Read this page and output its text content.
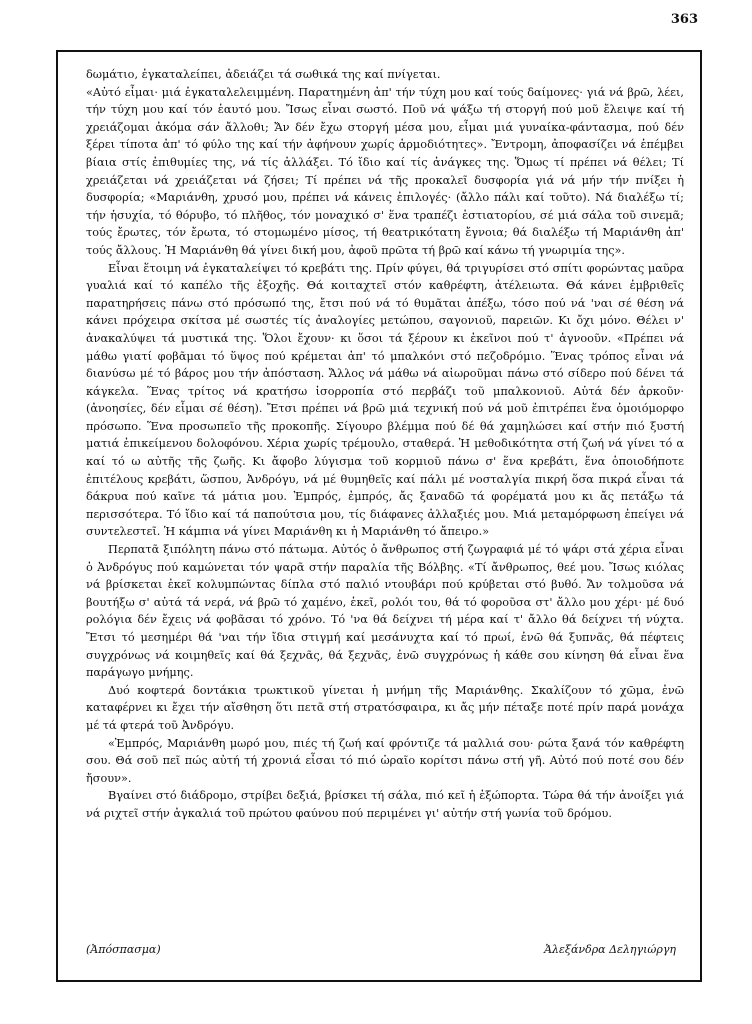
363

δωμάτιο, ἐγκαταλείπει, ἀδειάζει τά σωθικά της καί πνίγεται.

«Αὐτό εἶμαι· μιά ἐγκαταλελειμμένη. Παρατημένη ἀπ' τήν τύχη μου καί τούς δαίμονες· γιά νά βρῶ, λέει, τήν τύχη μου καί τόν ἑαυτό μου. Ἴσως εἶναι σωστό. Ποῦ νά ψάξω τή στοργή πού μοῦ ἔλειψε καί τή χρειάζομαι ἀκόμα σάν ἄλλοθι; Ἄν δέν ἔχω στοργή μέσα μου, εἶμαι μιά γυναίκα-φάντασμα, πού δέν ξέρει τίποτα ἀπ' τό φύλο της καί τήν ἀφήνουν χωρίς ἁρμοδιότητες». Ἔντρομη, ἀποφασίζει νά ἐπέμβει βίαια στίς ἐπιθυμίες της, νά τίς ἀλλάξει. Τό ἴδιο καί τίς ἀνάγκες της. Ὅμως τί πρέπει νά θέλει; Τί χρειάζεται νά χρειάζεται νά ζήσει; Τί πρέπει νά τῆς προκαλεῖ δυσφορία γιά νά μήν τήν πνίξει ἡ δυσφορία; «Μαριάνθη, χρυσό μου, πρέπει νά κάνεις ἐπιλογές· (ἄλλο πάλι καί τοῦτο). Νά διαλέξω τί; τήν ἡσυχία, τό θόρυβο, τό πλῆθος, τόν μοναχικό σ' ἕνα τραπέζι ἑστιατορίου, σέ μιά σάλα τοῦ σινεμᾶ; τούς ἔρωτες, τόν ἔρωτα, τό στομωμένο μίσος, τή θεατρικότατη ἔγνοια; θά διαλέξω τή Μαριάνθη ἀπ' τούς ἄλλους. Ἡ Μαριάνθη θά γίνει δική μου, ἀφοῦ πρῶτα τή βρῶ καί κάνω τή γνωριμία της».

Εἶναι ἕτοιμη νά ἐγκαταλείψει τό κρεβάτι της. Πρίν φύγει, θά τριγυρίσει στό σπίτι φορώντας μαῦρα γυαλιά καί τό καπέλο τῆς ἐξοχῆς. Θά κοιταχτεῖ στόν καθρέφτη, ἀτέλειωτα. Θά κάνει ἐμβριθεῖς παρατηρήσεις πάνω στό πρόσωπό της, ἔτσι πού νά τό θυμᾶται ἀπέξω, τόσο πού νά 'ναι σέ θέση νά κάνει πρόχειρα σκίτσα μέ σωστές τίς ἀναλογίες μετώπου, σαγονιοῦ, παρειῶν. Κι ὄχι μόνο. Θέλει ν' ἀνακαλύψει τά μυστικά της. Ὅλοι ἔχουν· κι ὅσοι τά ξέρουν κι ἐκεῖνοι πού τ' ἀγνοοῦν. «Πρέπει νά μάθω γιατί φοβᾶμαι τό ὕψος πού κρέμεται ἀπ' τό μπαλκόνι στό πεζοδρόμιο. Ἕνας τρόπος εἶναι νά διανύσω μέ τό βάρος μου τήν ἀπόσταση. Ἄλλος νά μάθω νά αἰωροῦμαι πάνω στό σίδερο πού δένει τά κάγκελα. Ἕνας τρίτος νά κρατήσω ἰσορροπία στό περβάζι τοῦ μπαλκονιοῦ. Αὐτά δέν ἀρκοῦν· (ἀνοησίες, δέν εἶμαι σέ θέση). Ἔτσι πρέπει νά βρῶ μιά τεχνική πού νά μοῦ ἐπιτρέπει ἕνα ὁμοιόμορφο πρόσωπο. Ἕνα προσωπεῖο τῆς προκοπῆς. Σίγουρο βλέμμα πού δέ θά χαμηλώσει καί στήν πιό ξυστή ματιά ἐπικείμενου δολοφόνου. Χέρια χωρίς τρέμουλο, σταθερά. Ἡ μεθοδικότητα στή ζωή νά γίνει τό α καί τό ω αὐτῆς τῆς ζωῆς. Κι ἄφοβο λύγισμα τοῦ κορμιοῦ πάνω σ' ἕνα κρεβάτι, ἕνα ὁποιοδήποτε ἐπιτέλους κρεβάτι, ὥσπου, Ἀνδρόγυ, νά μέ θυμηθεῖς καί πάλι μέ νοσταλγία πικρή ὅσα πικρά εἶναι τά δάκρυα πού καῖνε τά μάτια μου. Ἐμπρός, ἐμπρός, ἄς ξαναδῶ τά φορέματά μου κι ἄς πετάξω τά περισσότερα. Τό ἴδιο καί τά παπούτσια μου, τίς διάφανες ἀλλαξιές μου. Μιά μεταμόρφωση ἐπείγει νά συντελεστεῖ. Ἡ κάμπια νά γίνει Μαριάνθη κι ἡ Μαριάνθη τό ἄπειρο.»

Περπατᾶ ξιπόλητη πάνω στό πάτωμα. Αὐτός ὁ ἄνθρωπος στή ζωγραφιά μέ τό ψάρι στά χέρια εἶναι ὁ Ἀνδρόγυς πού καμώνεται τόν ψαρᾶ στήν παραλία τῆς Βόλβης. «Τί ἄνθρωπος, θεέ μου. Ἴσως κιόλας νά βρίσκεται ἐκεῖ κολυμπώντας δίπλα στό παλιό ντουβάρι πού κρύβεται στό βυθό. Ἄν τολμοῦσα νά βουτήξω σ' αὐτά τά νερά, νά βρῶ τό χαμένο, ἐκεῖ, ρολόι του, θά τό φοροῦσα στ' ἄλλο μου χέρι· μέ δυό ρολόγια δέν ἔχεις νά φοβᾶσαι τό χρόνο. Τό 'να θά δείχνει τή μέρα καί τ' ἄλλο θά δείχνει τή νύχτα. Ἔτσι τό μεσημέρι θά 'ναι τήν ἴδια στιγμή καί μεσάνυχτα καί τό πρωί, ἐνῶ θά ξυπνᾶς, θά πέφτεις συγχρόνως νά κοιμηθεῖς καί θά ξεχνᾶς, θά ξεχνᾶς, ἐνῶ συγχρόνως ἡ κάθε σου κίνηση θά εἶναι ἕνα παράγωγο μνήμης.

Δυό κοφτερά δοντάκια τρωκτικοῦ γίνεται ἡ μνήμη τῆς Μαριάνθης. Σκαλίζουν τό χῶμα, ἐνῶ καταφέρνει κι ἔχει τήν αἴσθηση ὅτι πετᾶ στή στρατόσφαιρα, κι ἄς μήν πέταξε ποτέ πρίν παρά μονάχα μέ τά φτερά τοῦ Ἀνδρόγυ.

«Ἐμπρός, Μαριάνθη μωρό μου, πιές τή ζωή καί φρόντιζε τά μαλλιά σου· ρώτα ξανά τόν καθρέφτη σου. Θά σοῦ πεῖ πώς αὐτή τή χρονιά εἶσαι τό πιό ὡραῖο κορίτσι πάνω στή γῆ. Αὐτό πού ποτέ σου δέν ἤσουν».

Βγαίνει στό διάδρομο, στρίβει δεξιά, βρίσκει τή σάλα, πιό κεῖ ἡ ἐξώπορτα. Τώρα θά τήν ἀνοίξει γιά νά ριχτεῖ στήν ἀγκαλιά τοῦ πρώτου φαύνου πού περιμένει γι' αὐτήν στή γωνία τοῦ δρόμου.

(Ἀπόσπασμα)	Ἀλεξάνδρα Δεληγιώργη
